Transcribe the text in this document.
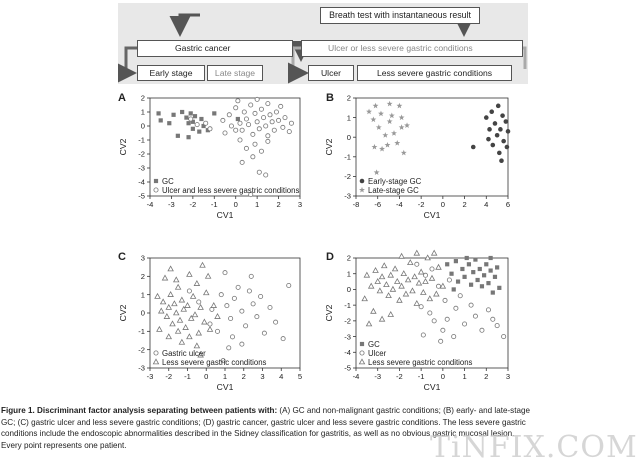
Breath test with instantaneous result
Gastric cancer	Ulcer or less severe gastric conditions
Early stage	Late stage	Ulcer	Less severe gastric conditions
A	B
C	D
-4 -3 -2 -1 0 1 2 3
-5
-4
-3
-2
-1
0
1
2
CV1
CV2
GC
Ulcer and less severe gastric conditions
-8 -6 -4 -2 0 2 4 6
-3
-2
-1
0
1
2
CV1
CV2
Early-stage GC
Late-stage GC
-3 -2 -1 0 1 2 3 4 5
-3
-2
-1
0
1
2
3
CV1
CV2
Gastric ulcer
Less severe gastric conditions
-4 -3 -2 -1 0 1 2 3
-5
-4
-3
-2
-1
0
1
2
CV1
CV2
GC
Ulcer
Less severe gastric conditions
Figure 1. Discriminant factor analysis separating between patients with: (A) GC and non-malignant gastric conditions; (B) early- and late-stage
GC; (C) gastric ulcer and less severe gastric conditions; (D) gastric cancer, gastric ulcer and less severe gastric conditions. The less severe gastric
conditions include the endoscopic abnormalities described in the Sidney classification for gastritis, as well as no obvious gastric mucosal lesion.
Every point represents one patient.	TiNFIX.COM
